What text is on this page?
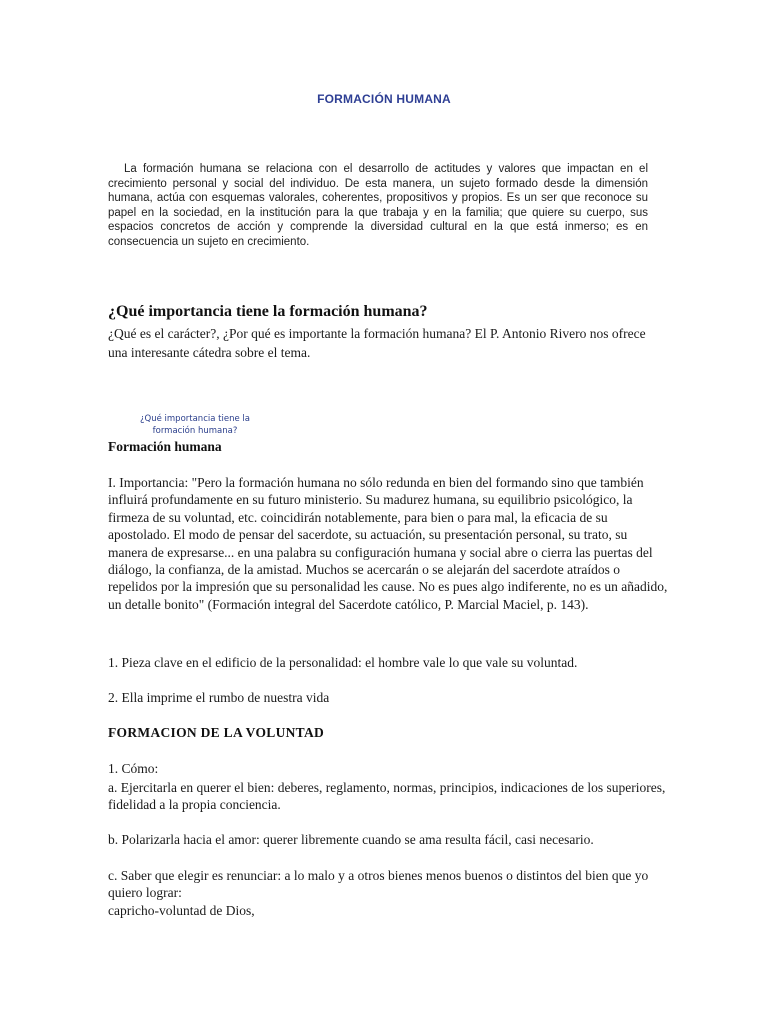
FORMACIÓN HUMANA

La formación humana se relaciona con el desarrollo de actitudes y valores que impactan en el crecimiento personal y social del individuo. De esta manera, un sujeto formado desde la dimensión humana, actúa con esquemas valorales, coherentes, propositivos y propios. Es un ser que reconoce su papel en la sociedad, en la institución para la que trabaja y en la familia; que quiere su cuerpo, sus espacios concretos de acción y comprende la diversidad cultural en la que está inmerso; es en consecuencia un sujeto en crecimiento.

¿Qué importancia tiene la formación humana?

¿Qué es el carácter?, ¿Por qué es importante la formación humana? El P. Antonio Rivero nos ofrece una interesante cátedra sobre el tema.

¿Qué importancia tiene la
formación humana?
Formación humana

I. Importancia: "Pero la formación humana no sólo redunda en bien del formando sino que también influirá profundamente en su futuro ministerio. Su madurez humana, su equilibrio psicológico, la firmeza de su voluntad, etc. coincidirán notablemente, para bien o para mal, la eficacia de su apostolado. El modo de pensar del sacerdote, su actuación, su presentación personal, su trato, su manera de expresarse... en una palabra su configuración humana y social abre o cierra las puertas del diálogo, la confianza, de la amistad. Muchos se acercarán o se alejarán del sacerdote atraídos o repelidos por la impresión que su personalidad les cause. No es pues algo indiferente, no es un añadido, un detalle bonito" (Formación integral del Sacerdote católico, P. Marcial Maciel, p. 143).

1. Pieza clave en el edificio de la personalidad: el hombre vale lo que vale su voluntad.

2. Ella imprime el rumbo de nuestra vida

FORMACION DE LA VOLUNTAD

1. Cómo:

a. Ejercitarla en querer el bien: deberes, reglamento, normas, principios, indicaciones de los superiores, fidelidad a la propia conciencia.

b. Polarizarla hacia el amor: querer libremente cuando se ama resulta fácil, casi necesario.

c. Saber que elegir es renunciar: a lo malo y a otros bienes menos buenos o distintos del bien que yo quiero lograr:

capricho-voluntad de Dios,
